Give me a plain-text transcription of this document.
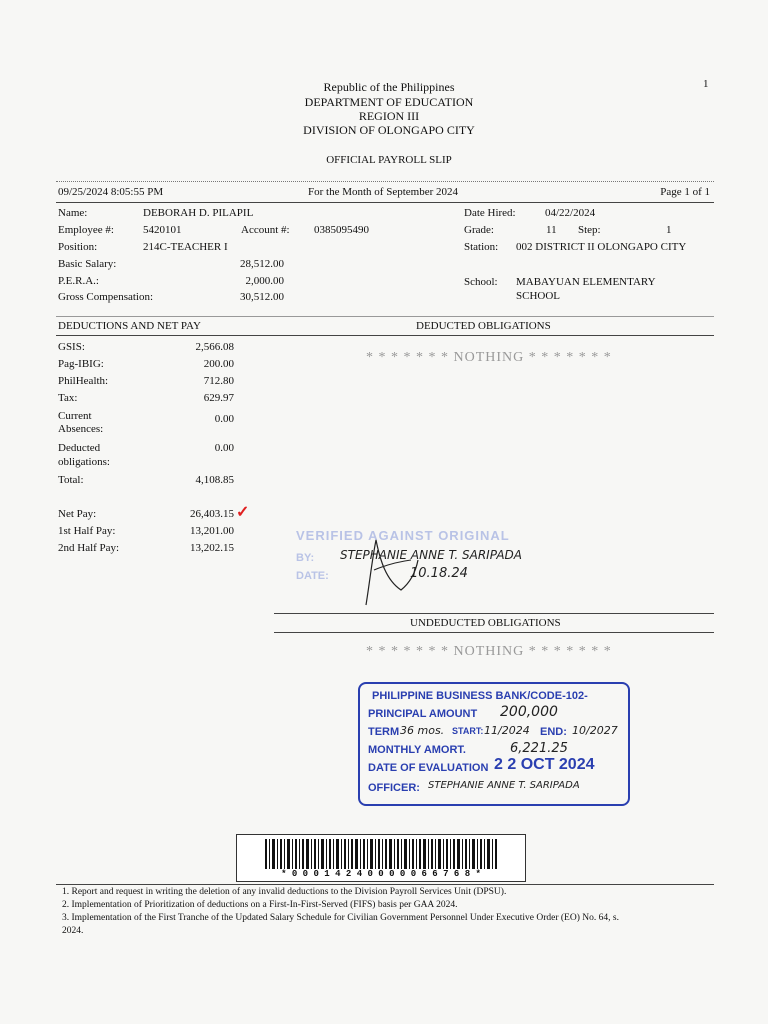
1
Republic of the Philippines
DEPARTMENT OF EDUCATION
REGION III
DIVISION OF OLONGAPO CITY
OFFICIAL PAYROLL SLIP
09/25/2024 8:05:55 PM	For the Month of September 2024	Page 1 of 1
Name:	DEBORAH D. PILAPIL
Employee #:	5420101	Account #: 0385095490
Position:	214C-TEACHER I
Basic Salary:	28,512.00
P.E.R.A.:	2,000.00
Gross Compensation:	30,512.00
Date Hired:	04/22/2024
Grade:	11 Step:	1
Station: 002 DISTRICT II OLONGAPO CITY
School: MABAYUAN ELEMENTARY
SCHOOL
DEDUCTIONS AND NET PAY	DEDUCTED OBLIGATIONS
* * * * * * * NOTHING * * * * * * *
GSIS:	2,566.08
Pag-IBIG:	200.00
PhilHealth:	712.80
Tax:	629.97
Current
Absences:
0.00
Deducted
obligations:
0.00
Total:	4,108.85
Net Pay:	26,403.15 ✓
1st Half Pay:	13,201.00
2nd Half Pay:	13,202.15
VERIFIED AGAINST ORIGINAL
BY:
DATE:
STEPHANIE ANNE T. SARIPADA
10.18.24
UNDEDUCTED OBLIGATIONS
* * * * * * * NOTHING * * * * * * *
PHILIPPINE BUSINESS BANK/CODE-102-
PRINCIPAL AMOUNT 200,000
TERM 36 mos. START: 11/2024 END: 10/2027
MONTHLY AMORT.	6,221.25
DATE OF EVALUATION 2 2 OCT 2024
OFFICER: STEPHANIE ANNE T. SARIPADA
* 0 0 0 1 4 2 4 0 0 0 0 0 6 6 7 6 8 *
1. Report and request in writing the deletion of any invalid deductions to the Division Payroll Services Unit (DPSU).
2. Implementation of Prioritization of deductions on a First-In-First-Served (FIFS) basis per GAA 2024.
3. Implementation of the First Tranche of the Updated Salary Schedule for Civilian Government Personnel Under Executive Order (EO) No. 64, s.
2024.
